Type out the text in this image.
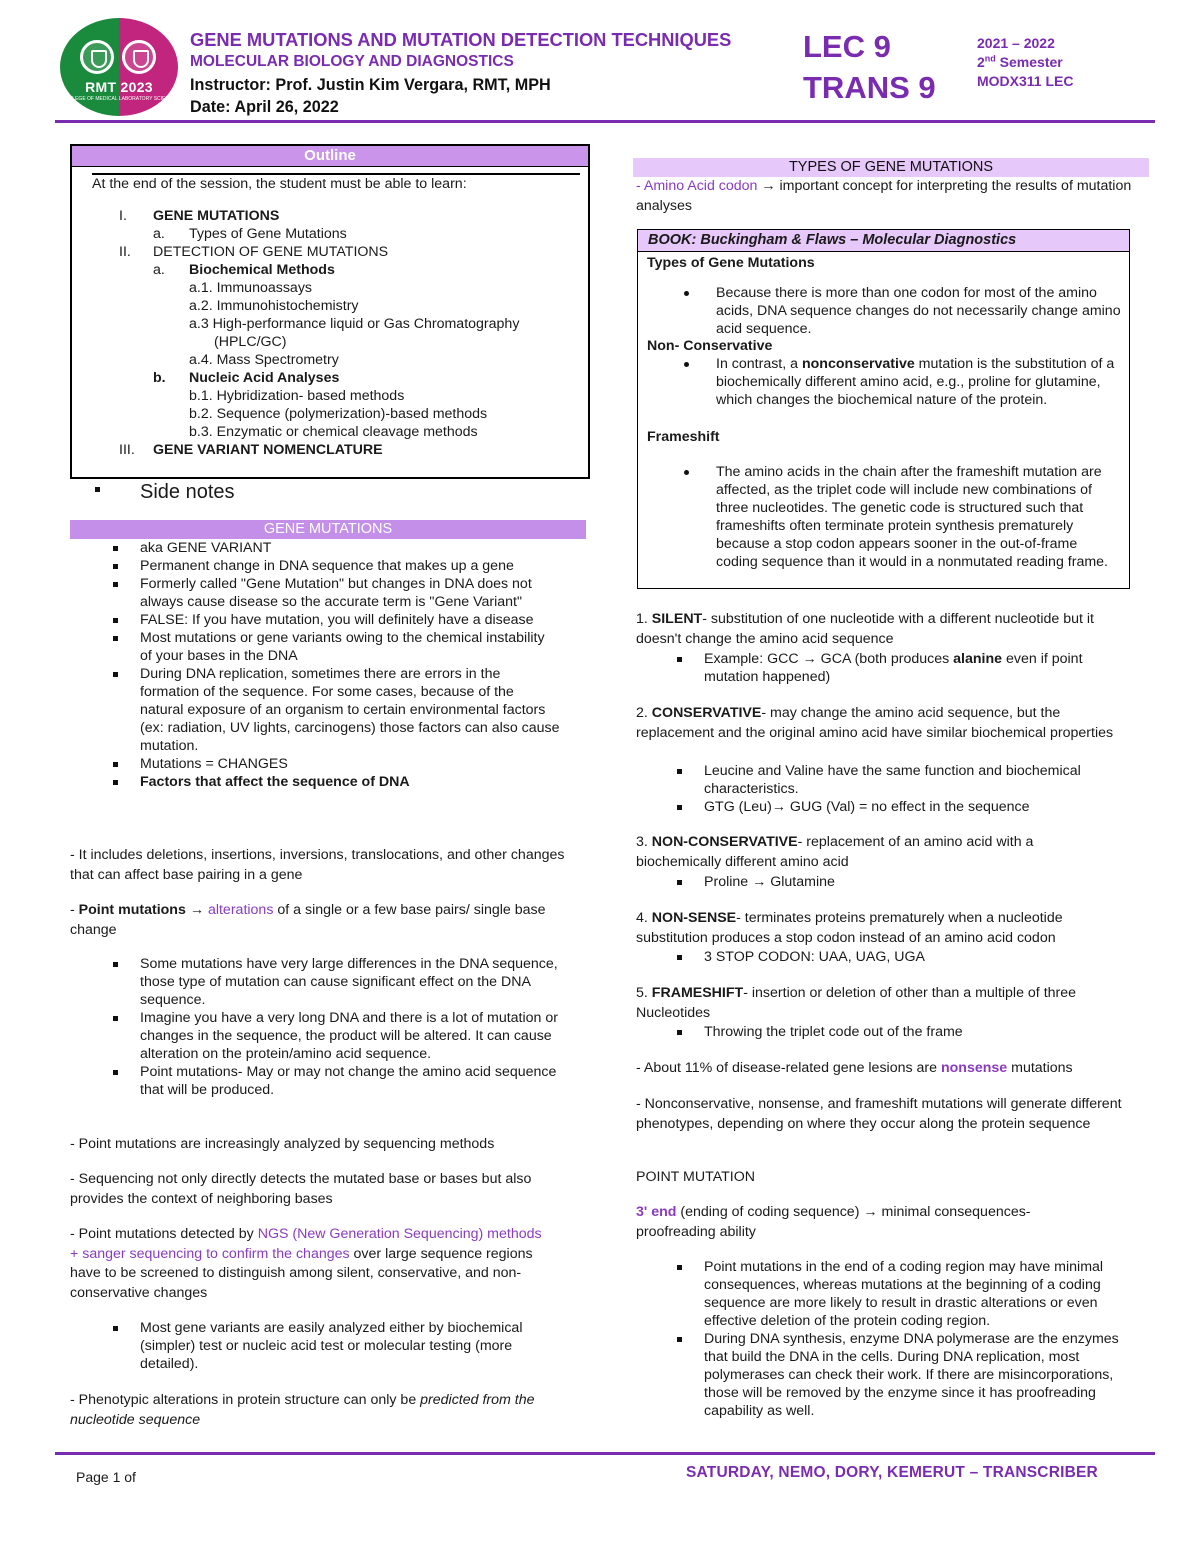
RMT 2023
COLLEGE OF MEDICAL LABORATORY SCIENCE
GENE MUTATIONS AND MUTATION DETECTION TECHNIQUES
MOLECULAR BIOLOGY AND DIAGNOSTICS
Instructor: Prof. Justin Kim Vergara, RMT, MPH
Date: April 26, 2022
LEC 9
TRANS 9
2021 – 2022
2nd Semester
MODX311 LEC
Outline
At the end of the session, the student must be able to learn:
I. GENE MUTATIONS
a. Types of Gene Mutations
II. DETECTION OF GENE MUTATIONS
a. Biochemical Methods
a.1. Immunoassays
a.2. Immunohistochemistry
a.3 High-performance liquid or Gas Chromatography
(HPLC/GC)
a.4. Mass Spectrometry
b. Nucleic Acid Analyses
b.1. Hybridization- based methods
b.2. Sequence (polymerization)-based methods
b.3. Enzymatic or chemical cleavage methods
III. GENE VARIANT NOMENCLATURE
Side notes
GENE MUTATIONS
aka GENE VARIANT
Permanent change in DNA sequence that makes up a gene
Formerly called "Gene Mutation" but changes in DNA does not always cause disease so the accurate term is "Gene Variant"
FALSE: If you have mutation, you will definitely have a disease
Most mutations or gene variants owing to the chemical instability of your bases in the DNA
During DNA replication, sometimes there are errors in the formation of the sequence. For some cases, because of the natural exposure of an organism to certain environmental factors (ex: radiation, UV lights, carcinogens) those factors can also cause mutation.
Mutations = CHANGES
Factors that affect the sequence of DNA

- It includes deletions, insertions, inversions, translocations, and other changes that can affect base pairing in a gene

- Point mutations → alterations of a single or a few base pairs/ single base change

Some mutations have very large differences in the DNA sequence, those type of mutation can cause significant effect on the DNA sequence.
Imagine you have a very long DNA and there is a lot of mutation or changes in the sequence, the product will be altered. It can cause alteration on the protein/amino acid sequence.
Point mutations- May or may not change the amino acid sequence that will be produced.

- Point mutations are increasingly analyzed by sequencing methods

- Sequencing not only directly detects the mutated base or bases but also provides the context of neighboring bases

- Point mutations detected by NGS (New Generation Sequencing) methods + sanger sequencing to confirm the changes over large sequence regions have to be screened to distinguish among silent, conservative, and non- conservative changes

Most gene variants are easily analyzed either by biochemical (simpler) test or nucleic acid test or molecular testing (more detailed).

- Phenotypic alterations in protein structure can only be predicted from the nucleotide sequence

TYPES OF GENE MUTATIONS

- Amino Acid codon → important concept for interpreting the results of mutation analyses

BOOK: Buckingham & Flaws – Molecular Diagnostics
Types of Gene Mutations
Because there is more than one codon for most of the amino acids, DNA sequence changes do not necessarily change amino acid sequence.
Non- Conservative
In contrast, a nonconservative mutation is the substitution of a biochemically different amino acid, e.g., proline for glutamine, which changes the biochemical nature of the protein.
Frameshift
The amino acids in the chain after the frameshift mutation are affected, as the triplet code will include new combinations of three nucleotides. The genetic code is structured such that frameshifts often terminate protein synthesis prematurely because a stop codon appears sooner in the out-of-frame coding sequence than it would in a nonmutated reading frame.

1. SILENT- substitution of one nucleotide with a different nucleotide but it doesn't change the amino acid sequence

Example: GCC → GCA (both produces alanine even if point mutation happened)

2. CONSERVATIVE- may change the amino acid sequence, but the replacement and the original amino acid have similar biochemical properties

Leucine and Valine have the same function and biochemical characteristics.
GTG (Leu)→ GUG (Val) = no effect in the sequence

3. NON-CONSERVATIVE- replacement of an amino acid with a biochemically different amino acid

Proline → Glutamine

4. NON-SENSE- terminates proteins prematurely when a nucleotide substitution produces a stop codon instead of an amino acid codon

3 STOP CODON: UAA, UAG, UGA

5. FRAMESHIFT- insertion or deletion of other than a multiple of three Nucleotides

Throwing the triplet code out of the frame

- About 11% of disease-related gene lesions are nonsense mutations

- Nonconservative, nonsense, and frameshift mutations will generate different phenotypes, depending on where they occur along the protein sequence

POINT MUTATION

3' end (ending of coding sequence) → minimal consequences- proofreading ability

Point mutations in the end of a coding region may have minimal consequences, whereas mutations at the beginning of a coding sequence are more likely to result in drastic alterations or even effective deletion of the protein coding region.
During DNA synthesis, enzyme DNA polymerase are the enzymes that build the DNA in the cells. During DNA replication, most polymerases can check their work. If there are misincorporations, those will be removed by the enzyme since it has proofreading capability as well.
Page 1 of	SATURDAY, NEMO, DORY, KEMERUT – TRANSCRIBER
